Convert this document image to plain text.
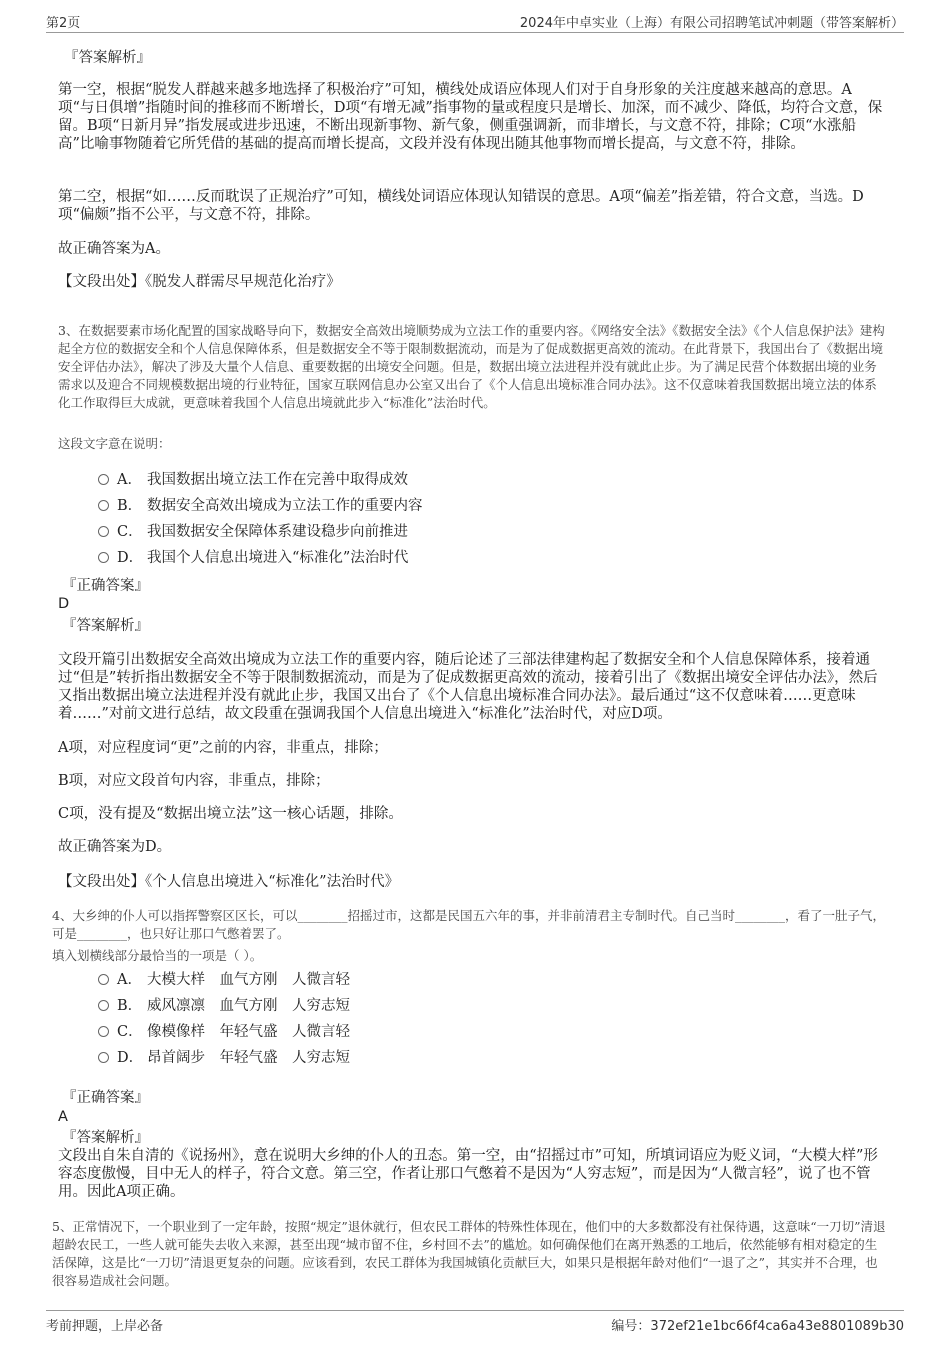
第2页	2024年中卓实业（上海）有限公司招聘笔试冲刺题（带答案解析）

『答案解析』

第一空，根据“脱发人群越来越多地选择了积极治疗”可知，横线处成语应体现人们对于自身形象的关注度越来越高的意思。A项“与日俱增”指随时间的推移而不断增长，D项“有增无减”指事物的量或程度只是增长、加深，而不减少、降低，均符合文意，保留。B项“日新月异”指发展或进步迅速，不断出现新事物、新气象，侧重强调新，而非增长，与文意不符，排除；C项“水涨船高”比喻事物随着它所凭借的基础的提高而增长提高，文段并没有体现出随其他事物而增长提高，与文意不符，排除。

第二空，根据“如……反而耽误了正规治疗”可知，横线处词语应体现认知错误的意思。A项“偏差”指差错，符合文意，当选。D项“偏颇”指不公平，与文意不符，排除。

故正确答案为A。

【文段出处】《脱发人群需尽早规范化治疗》

3、在数据要素市场化配置的国家战略导向下，数据安全高效出境顺势成为立法工作的重要内容。《网络安全法》《数据安全法》《个人信息保护法》建构起全方位的数据安全和个人信息保障体系，但是数据安全不等于限制数据流动，而是为了促成数据更高效的流动。在此背景下，我国出台了《数据出境安全评估办法》，解决了涉及大量个人信息、重要数据的出境安全问题。但是，数据出境立法进程并没有就此止步。为了满足民营个体数据出境的业务需求以及迎合不同规模数据出境的行业特征，国家互联网信息办公室又出台了《个人信息出境标准合同办法》。这不仅意味着我国数据出境立法的体系化工作取得巨大成就，更意味着我国个人信息出境就此步入“标准化”法治时代。

这段文字意在说明：

A． 我国数据出境立法工作在完善中取得成效
B． 数据安全高效出境成为立法工作的重要内容
C． 我国数据安全保障体系建设稳步向前推进
D． 我国个人信息出境进入“标准化”法治时代

『正确答案』

D

『答案解析』

文段开篇引出数据安全高效出境成为立法工作的重要内容，随后论述了三部法律建构起了数据安全和个人信息保障体系，接着通过“但是”转折指出数据安全不等于限制数据流动，而是为了促成数据更高效的流动，接着引出了《数据出境安全评估办法》，然后又指出数据出境立法进程并没有就此止步，我国又出台了《个人信息出境标准合同办法》。最后通过“这不仅意味着……更意味着……”对前文进行总结，故文段重在强调我国个人信息出境进入“标准化”法治时代，对应D项。

A项，对应程度词“更”之前的内容，非重点，排除；

B项，对应文段首句内容，非重点，排除；

C项，没有提及“数据出境立法”这一核心话题，排除。

故正确答案为D。

【文段出处】《个人信息出境进入“标准化”法治时代》

4、大乡绅的仆人可以指挥警察区区长，可以________招摇过市，这都是民国五六年的事，并非前清君主专制时代。自己当时________，看了一肚子气，可是________，也只好让那口气憋着罢了。

填入划横线部分最恰当的一项是（ ）。

A． 大模大样　血气方刚　人微言轻
B． 威风凛凛　血气方刚　人穷志短
C． 像模像样　年轻气盛　人微言轻
D． 昂首阔步　年轻气盛　人穷志短

『正确答案』

A

『答案解析』

文段出自朱自清的《说扬州》，意在说明大乡绅的仆人的丑态。第一空，由“招摇过市”可知，所填词语应为贬义词，“大模大样”形容态度傲慢，目中无人的样子，符合文意。第三空，作者让那口气憋着不是因为“人穷志短”，而是因为“人微言轻”，说了也不管用。因此A项正确。

5、正常情况下，一个职业到了一定年龄，按照“规定”退休就行，但农民工群体的特殊性体现在，他们中的大多数都没有社保待遇，这意味“一刀切”清退超龄农民工，一些人就可能失去收入来源，甚至出现“城市留不住，乡村回不去”的尴尬。如何确保他们在离开熟悉的工地后，依然能够有相对稳定的生活保障，这是比“一刀切”清退更复杂的问题。应该看到，农民工群体为我国城镇化贡献巨大，如果只是根据年龄对他们“一退了之”，其实并不合理，也很容易造成社会问题。

考前押题，上岸必备	编号：372ef21e1bc66f4ca6a43e8801089b30
